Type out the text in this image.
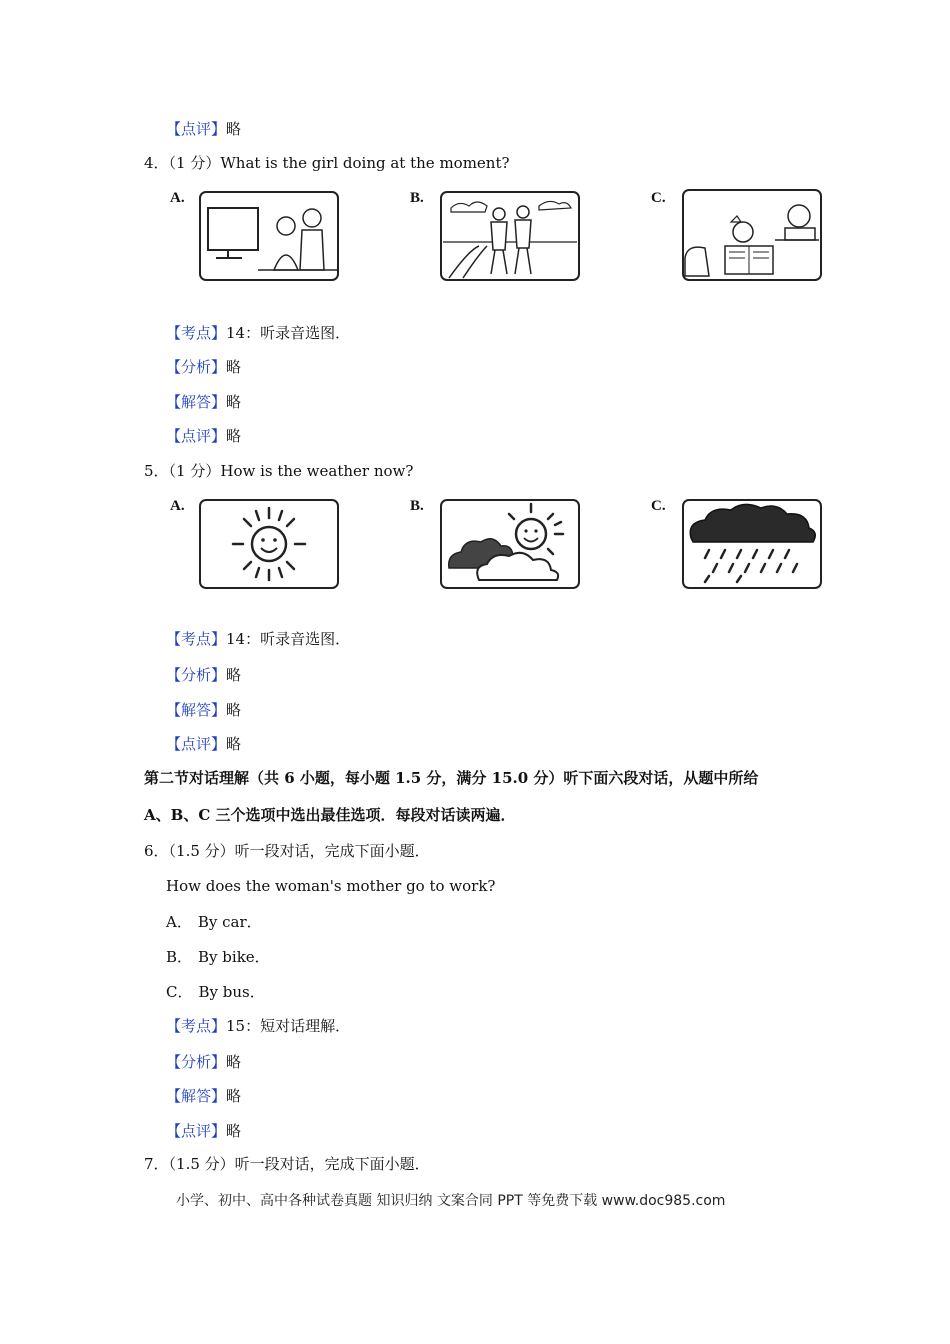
【点评】略
4．（1 分）What is the girl doing at the moment?
A.	B.	C.
【考点】14：听录音选图．
【分析】略
【解答】略
【点评】略
5．（1 分）How is the weather now?
A.	B.	C.
【考点】14：听录音选图．
【分析】略
【解答】略
【点评】略
第二节对话理解（共 6 小题，每小题 1.5 分，满分 15.0 分）听下面六段对话，从题中所给
A、B、C 三个选项中选出最佳选项．每段对话读两遍．
6．（1.5 分）听一段对话，完成下面小题．
How does the woman's mother go to work?
A． By car．
B． By bike．
C． By bus．
【考点】15：短对话理解．
【分析】略
【解答】略
【点评】略
7．（1.5 分）听一段对话，完成下面小题．
小学、初中、高中各种试卷真题 知识归纳 文案合同 PPT 等免费下载 www.doc985.com
